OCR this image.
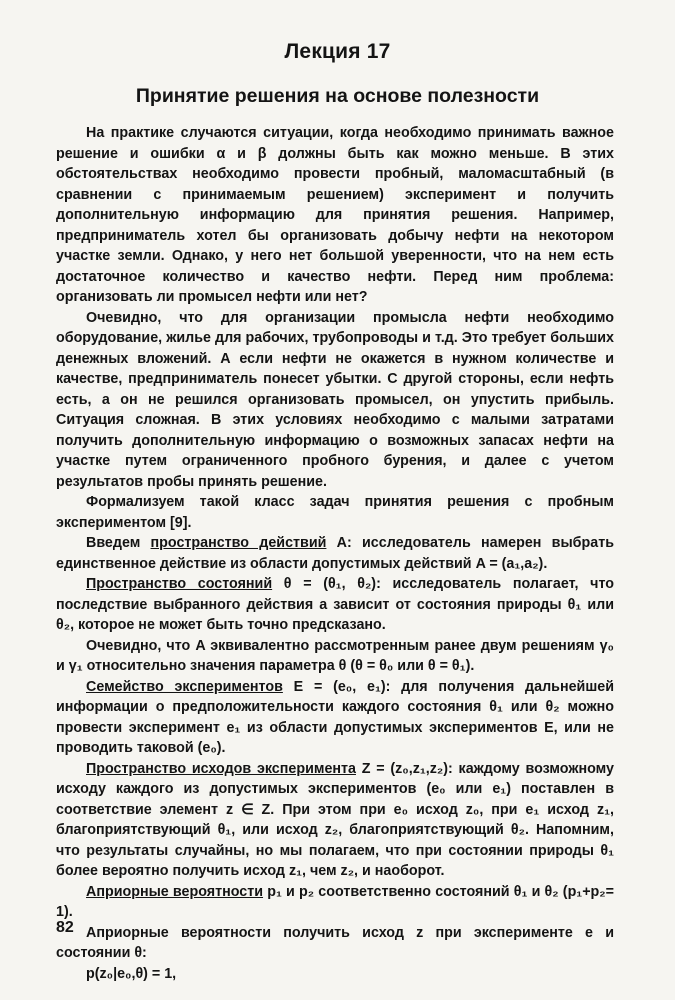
Лекция 17
Принятие решения на основе полезности

На практике случаются ситуации, когда необходимо принимать важное решение и ошибки α и β должны быть как можно меньше. В этих обстоятельствах необходимо провести пробный, маломасштабный (в сравнении с принимаемым решением) эксперимент и получить дополнительную информацию для принятия решения. Например, предприниматель хотел бы организовать добычу нефти на некотором участке земли. Однако, у него нет большой уверенности, что на нем есть достаточное количество и качество нефти. Перед ним проблема: организовать ли промысел нефти или нет?

Очевидно, что для организации промысла нефти необходимо оборудование, жилье для рабочих, трубопроводы и т.д. Это требует больших денежных вложений. А если нефти не окажется в нужном количестве и качестве, предприниматель понесет убытки. С другой стороны, если нефть есть, а он не решился организовать промысел, он упустить прибыль. Ситуация сложная. В этих условиях необходимо с малыми затратами получить дополнительную информацию о возможных запасах нефти на участке путем ограниченного пробного бурения, и далее с учетом результатов пробы принять решение.

Формализуем такой класс задач принятия решения с пробным экспериментом [9].

Введем пространство действий A: исследователь намерен выбрать единственное действие из области допустимых действий A = (a₁,a₂).

Пространство состояний θ = (θ₁, θ₂): исследователь полагает, что последствие выбранного действия a зависит от состояния природы θ₁ или θ₂, которое не может быть точно предсказано.

Очевидно, что A эквивалентно рассмотренным ранее двум решениям γ₀ и γ₁ относительно значения параметра θ (θ = θ₀ или θ = θ₁).

Семейство экспериментов E = (e₀, e₁): для получения дальнейшей информации о предположительности каждого состояния θ₁ или θ₂ можно провести эксперимент e₁ из области допустимых экспериментов E, или не проводить таковой (e₀).

Пространство исходов эксперимента Z = (z₀,z₁,z₂): каждому возможному исходу каждого из допустимых экспериментов (e₀ или e₁) поставлен в соответствие элемент z ∈ Z. При этом при e₀ исход z₀, при e₁ исход z₁, благоприятствующий θ₁, или исход z₂, благоприятствующий θ₂. Напомним, что результаты случайны, но мы полагаем, что при состоянии природы θ₁ более вероятно получить исход z₁, чем z₂, и наоборот.

Априорные вероятности p₁ и p₂ соответственно состояний θ₁ и θ₂ (p₁+p₂= 1).

Априорные вероятности получить исход z при эксперименте e и состоянии θ:

p(z₀|e₀,θ) = 1,

82
